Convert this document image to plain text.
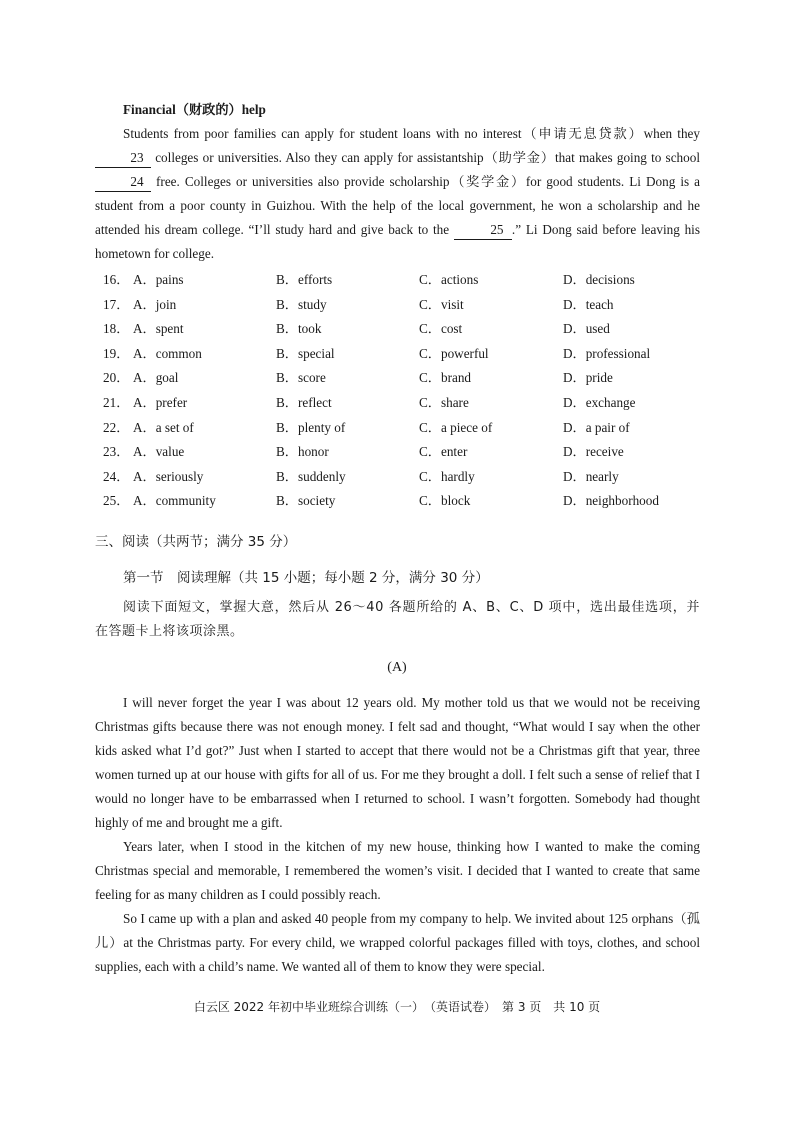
Financial（财政的）help

Students from poor families can apply for student loans with no interest（申请无息贷款）when they 23 colleges or universities. Also they can apply for assistantship（助学金）that makes going to school 24 free. Colleges or universities also provide scholarship（奖学金）for good students. Li Dong is a student from a poor county in Guizhou. With the help of the local government, he won a scholarship and he attended his dream college. “I’ll study hard and give back to the	25 .” Li Dong said before leaving his hometown for college.

16． A．pains	B．efforts	C．actions	D．decisions
17． A．join	B．study	C．visit	D．teach
18． A．spent	B．took	C．cost	D．used
19． A．common	B．special	C．powerful	D．professional
20． A．goal	B．score	C．brand	D．pride
21． A．prefer	B．reflect	C．share	D．exchange
22． A．a set of	B．plenty of	C．a piece of	D．a pair of
23． A．value	B．honor	C．enter	D．receive
24． A．seriously	B．suddenly	C．hardly	D．nearly
25． A．community	B．society	C．block	D．neighborhood
三、阅读（共两节；满分 35 分）
第一节　阅读理解（共 15 小题；每小题 2 分，满分 30 分）

阅读下面短文，掌握大意，然后从 26～40 各题所给的 A、B、C、D 项中，选出最佳选项，并在答题卡上将该项涂黑。

(A)

I will never forget the year I was about 12 years old. My mother told us that we would not be receiving Christmas gifts because there was not enough money. I felt sad and thought, “What would I say when the other kids asked what I’d got?” Just when I started to accept that there would not be a Christmas gift that year, three women turned up at our house with gifts for all of us. For me they brought a doll. I felt such a sense of relief that I would no longer have to be embarrassed when I returned to school. I wasn’t forgotten. Somebody had thought highly of me and brought me a gift.

Years later, when I stood in the kitchen of my new house, thinking how I wanted to make the coming Christmas special and memorable, I remembered the women’s visit. I decided that I wanted to create that same feeling for as many children as I could possibly reach.

So I came up with a plan and asked 40 people from my company to help. We invited about 125 orphans（孤儿）at the Christmas party. For every child, we wrapped colorful packages filled with toys, clothes, and school supplies, each with a child’s name. We wanted all of them to know they were special.

白云区 2022 年初中毕业班综合训练（一）　（英语试卷）　第 3 页　共 10 页
